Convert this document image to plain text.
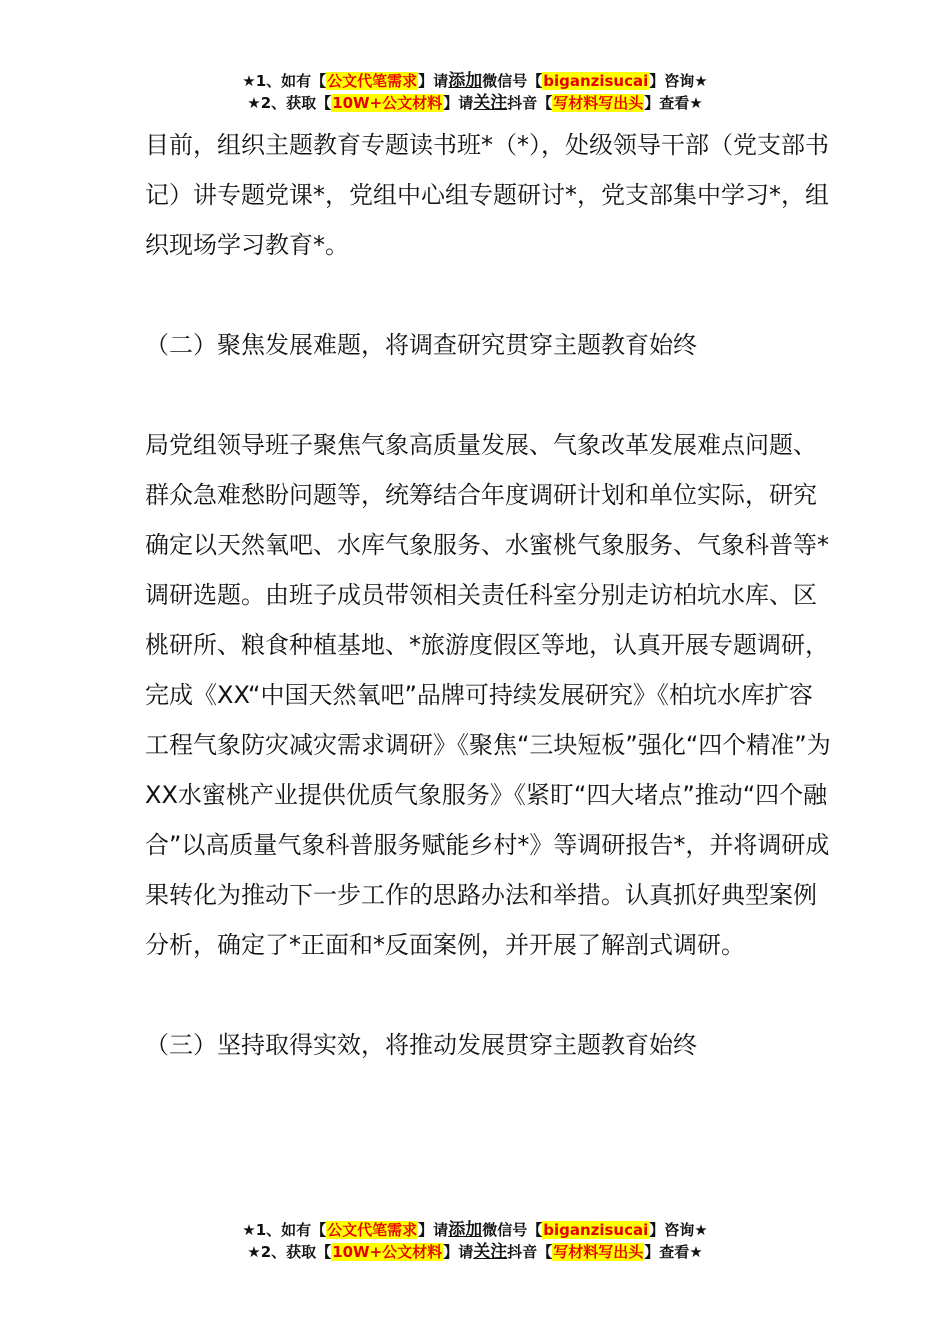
★1、如有【公文代笔需求】请添加微信号【biganzisucai】咨询★
★2、获取【10W+公文材料】请关注抖音【写材料写出头】查看★

目前，组织主题教育专题读书班*（*），处级领导干部（党支部书记）讲专题党课*，党组中心组专题研讨*，党支部集中学习*，组织现场学习教育*。

（二）聚焦发展难题，将调查研究贯穿主题教育始终

局党组领导班子聚焦气象高质量发展、气象改革发展难点问题、群众急难愁盼问题等，统筹结合年度调研计划和单位实际，研究确定以天然氧吧、水库气象服务、水蜜桃气象服务、气象科普等*调研选题。由班子成员带领相关责任科室分别走访柏坑水库、区桃研所、粮食种植基地、*旅游度假区等地，认真开展专题调研，完成《XX“中国天然氧吧”品牌可持续发展研究》《柏坑水库扩容工程气象防灾减灾需求调研》《聚焦“三块短板”强化“四个精准”为XX水蜜桃产业提供优质气象服务》《紧盯“四大堵点”推动“四个融合”以高质量气象科普服务赋能乡村*》等调研报告*，并将调研成果转化为推动下一步工作的思路办法和举措。认真抓好典型案例分析，确定了*正面和*反面案例，并开展了解剖式调研。

（三）坚持取得实效，将推动发展贯穿主题教育始终

★1、如有【公文代笔需求】请添加微信号【biganzisucai】咨询★
★2、获取【10W+公文材料】请关注抖音【写材料写出头】查看★
